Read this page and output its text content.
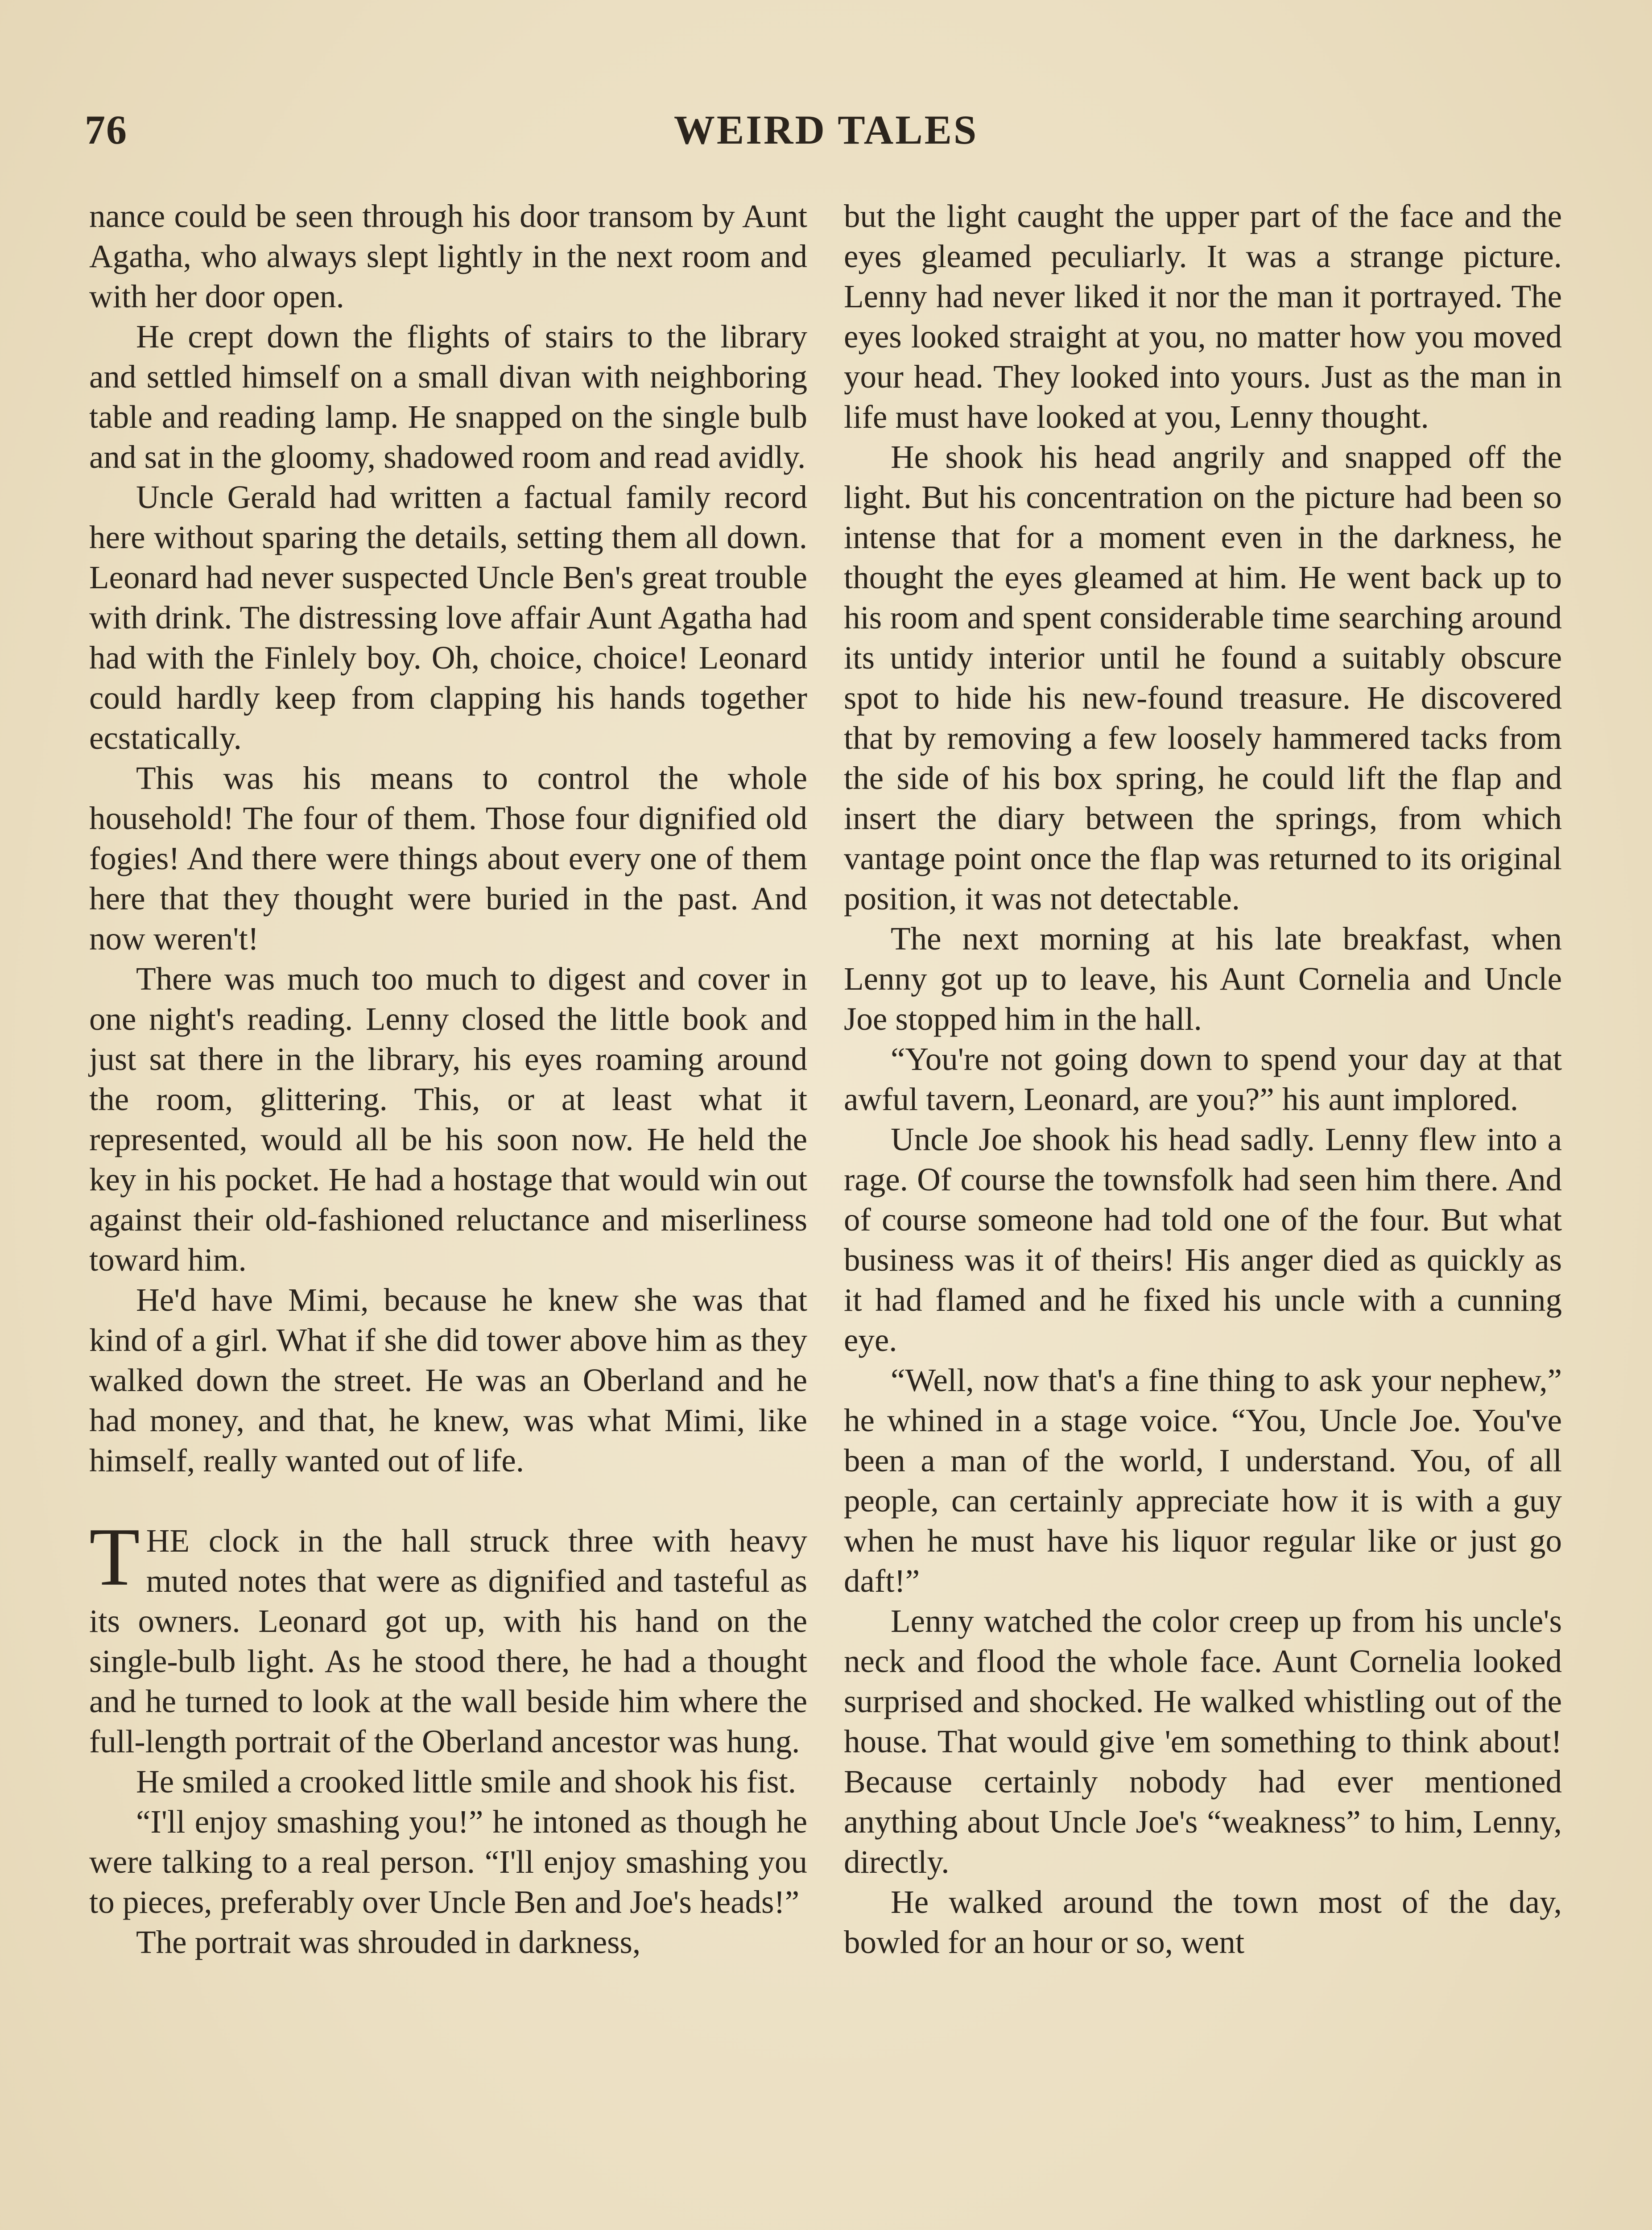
76	WEIRD TALES

nance could be seen through his door transom by Aunt Agatha, who always slept lightly in the next room and with her door open.

He crept down the flights of stairs to the library and settled himself on a small divan with neighboring table and reading lamp. He snapped on the single bulb and sat in the gloomy, shadowed room and read avidly.

Uncle Gerald had written a factual family record here without sparing the details, setting them all down. Leonard had never suspected Uncle Ben's great trouble with drink. The distressing love affair Aunt Agatha had had with the Finlely boy. Oh, choice, choice! Leonard could hardly keep from clapping his hands together ecstatically.

This was his means to control the whole household! The four of them. Those four dignified old fogies! And there were things about every one of them here that they thought were buried in the past. And now weren't!

There was much too much to digest and cover in one night's reading. Lenny closed the little book and just sat there in the library, his eyes roaming around the room, glittering. This, or at least what it represented, would all be his soon now. He held the key in his pocket. He had a hostage that would win out against their old-fashioned reluctance and miserliness toward him.

He'd have Mimi, because he knew she was that kind of a girl. What if she did tower above him as they walked down the street. He was an Oberland and he had money, and that, he knew, was what Mimi, like himself, really wanted out of life.

THE clock in the hall struck three with heavy muted notes that were as dignified and tasteful as its owners. Leonard got up, with his hand on the single-bulb light. As he stood there, he had a thought and he turned to look at the wall beside him where the full-length portrait of the Oberland ancestor was hung.

He smiled a crooked little smile and shook his fist.

“I'll enjoy smashing you!” he intoned as though he were talking to a real person. “I'll enjoy smashing you to pieces, preferably over Uncle Ben and Joe's heads!”

The portrait was shrouded in darkness,

but the light caught the upper part of the face and the eyes gleamed peculiarly. It was a strange picture. Lenny had never liked it nor the man it portrayed. The eyes looked straight at you, no matter how you moved your head. They looked into yours. Just as the man in life must have looked at you, Lenny thought.

He shook his head angrily and snapped off the light. But his concentration on the picture had been so intense that for a moment even in the darkness, he thought the eyes gleamed at him. He went back up to his room and spent considerable time searching around its untidy interior until he found a suitably obscure spot to hide his new-found treasure. He discovered that by removing a few loosely hammered tacks from the side of his box spring, he could lift the flap and insert the diary between the springs, from which vantage point once the flap was returned to its original position, it was not detectable.

The next morning at his late breakfast, when Lenny got up to leave, his Aunt Cornelia and Uncle Joe stopped him in the hall.

“You're not going down to spend your day at that awful tavern, Leonard, are you?” his aunt implored.

Uncle Joe shook his head sadly. Lenny flew into a rage. Of course the townsfolk had seen him there. And of course someone had told one of the four. But what business was it of theirs! His anger died as quickly as it had flamed and he fixed his uncle with a cunning eye.

“Well, now that's a fine thing to ask your nephew,” he whined in a stage voice. “You, Uncle Joe. You've been a man of the world, I understand. You, of all people, can certainly appreciate how it is with a guy when he must have his liquor regular like or just go daft!”

Lenny watched the color creep up from his uncle's neck and flood the whole face. Aunt Cornelia looked surprised and shocked. He walked whistling out of the house. That would give 'em something to think about! Because certainly nobody had ever mentioned anything about Uncle Joe's “weakness” to him, Lenny, directly.

He walked around the town most of the day, bowled for an hour or so, went
